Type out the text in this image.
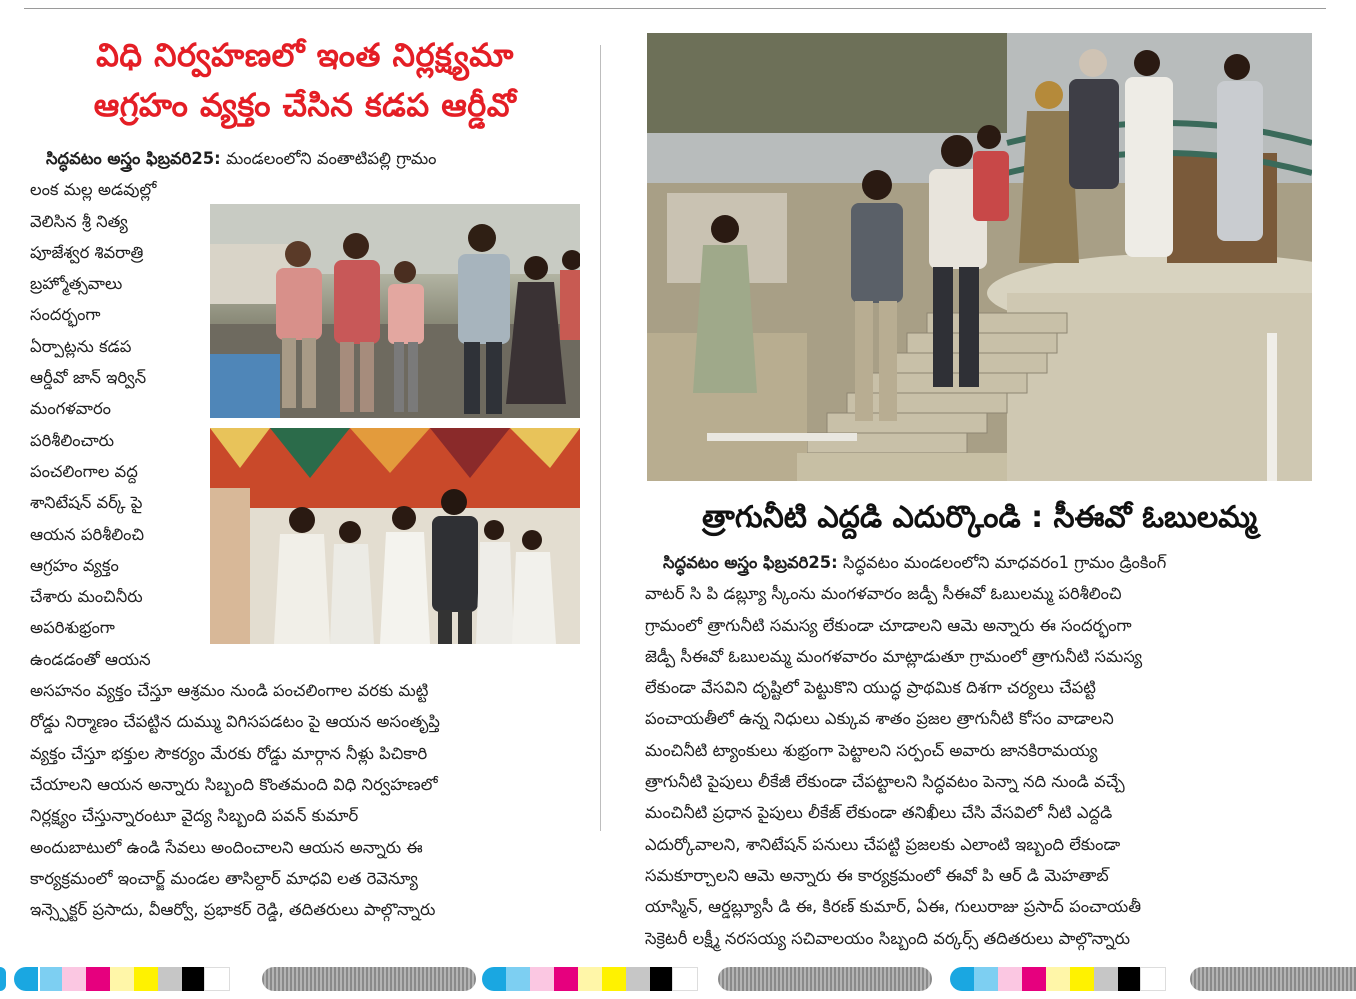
విధి నిర్వహణలో ఇంత నిర్లక్ష్యమా
ఆగ్రహం వ్యక్తం చేసిన కడప ఆర్డీవో
సిద్ధవటం అస్త్రం ఫిబ్రవరి25: మండలంలోని వంతాటిపల్లి గ్రామం
లంక మల్ల అడవుల్లో
వెలిసిన శ్రీ నిత్య
పూజేశ్వర శివరాత్రి
బ్రహ్మోత్సవాలు
సందర్భంగా
ఏర్పాట్లను కడప
ఆర్డీవో జాన్ ఇర్విన్
మంగళవారం
పరిశీలించారు
పంచలింగాల వద్ద
శానిటేషన్ వర్క్ పై
ఆయన పరిశీలించి
ఆగ్రహం వ్యక్తం
చేశారు మంచినీరు
అపరిశుభ్రంగా
ఉండడంతో ఆయన
అసహనం వ్యక్తం చేస్తూ ఆశ్రమం నుండి పంచలింగాల వరకు మట్టి
రోడ్డు నిర్మాణం చేపట్టిన దుమ్ము విగిసపడటం పై ఆయన అసంతృప్తి
వ్యక్తం చేస్తూ భక్తుల సౌకర్యం మేరకు రోడ్డు మార్గాన నీళ్లు పిచికారి
చేయాలని ఆయన అన్నారు సిబ్బంది కొంతమంది విధి నిర్వహణలో
నిర్లక్ష్యం చేస్తున్నారంటూ వైద్య సిబ్బంది పవన్ కుమార్
అందుబాటులో ఉండి సేవలు అందించాలని ఆయన అన్నారు ఈ
కార్యక్రమంలో ఇంచార్జ్ మండల తాసిల్దార్ మాధవి లత రెవెన్యూ
ఇన్స్పెక్టర్ ప్రసాదు, వీఆర్వో, ప్రభాకర్ రెడ్డి, తదితరులు పాల్గొన్నారు
త్రాగునీటి ఎద్దడి ఎదుర్కొండి : సీఈవో ఓబులమ్మ
సిద్ధవటం అస్త్రం ఫిబ్రవరి25: సిద్ధవటం మండలంలోని మాధవరం1 గ్రామం డ్రింకింగ్
వాటర్ సి పి డబ్ల్యూ స్కీంను మంగళవారం జడ్పీ సీఈవో ఓబులమ్మ పరిశీలించి
గ్రామంలో త్రాగునీటి సమస్య లేకుండా చూడాలని ఆమె అన్నారు ఈ సందర్భంగా
జెడ్పీ సీఈవో ఓబులమ్మ మంగళవారం మాట్లాడుతూ గ్రామంలో త్రాగునీటి సమస్య
లేకుండా వేసవిని దృష్టిలో పెట్టుకొని యుద్ధ ప్రాథమిక దిశగా చర్యలు చేపట్టి
పంచాయతీలో ఉన్న నిధులు ఎక్కువ శాతం ప్రజల త్రాగునీటి కోసం వాడాలని
మంచినీటి ట్యాంకులు శుభ్రంగా పెట్టాలని సర్పంచ్ అవారు జానకిరామయ్య
త్రాగునీటి పైపులు లీకేజీ లేకుండా చేపట్టాలని సిద్ధవటం పెన్నా నది నుండి వచ్చే
మంచినీటి ప్రధాన పైపులు లీకేజ్ లేకుండా తనిఖీలు చేసి వేసవిలో నీటి ఎద్దడి
ఎదుర్కోవాలని, శానిటేషన్ పనులు చేపట్టి ప్రజలకు ఎలాంటి ఇబ్బంది లేకుండా
సమకూర్చాలని ఆమె అన్నారు ఈ కార్యక్రమంలో ఈవో పి ఆర్ డి మెహతాబ్
యాస్మిన్, ఆర్డబ్ల్యూసీ డి ఈ, కిరణ్ కుమార్, ఏఈ, గులురాజు ప్రసాద్ పంచాయతీ
సెక్రెటరీ లక్ష్మీ నరసయ్య సచివాలయం సిబ్బంది వర్కర్స్ తదితరులు పాల్గొన్నారు
